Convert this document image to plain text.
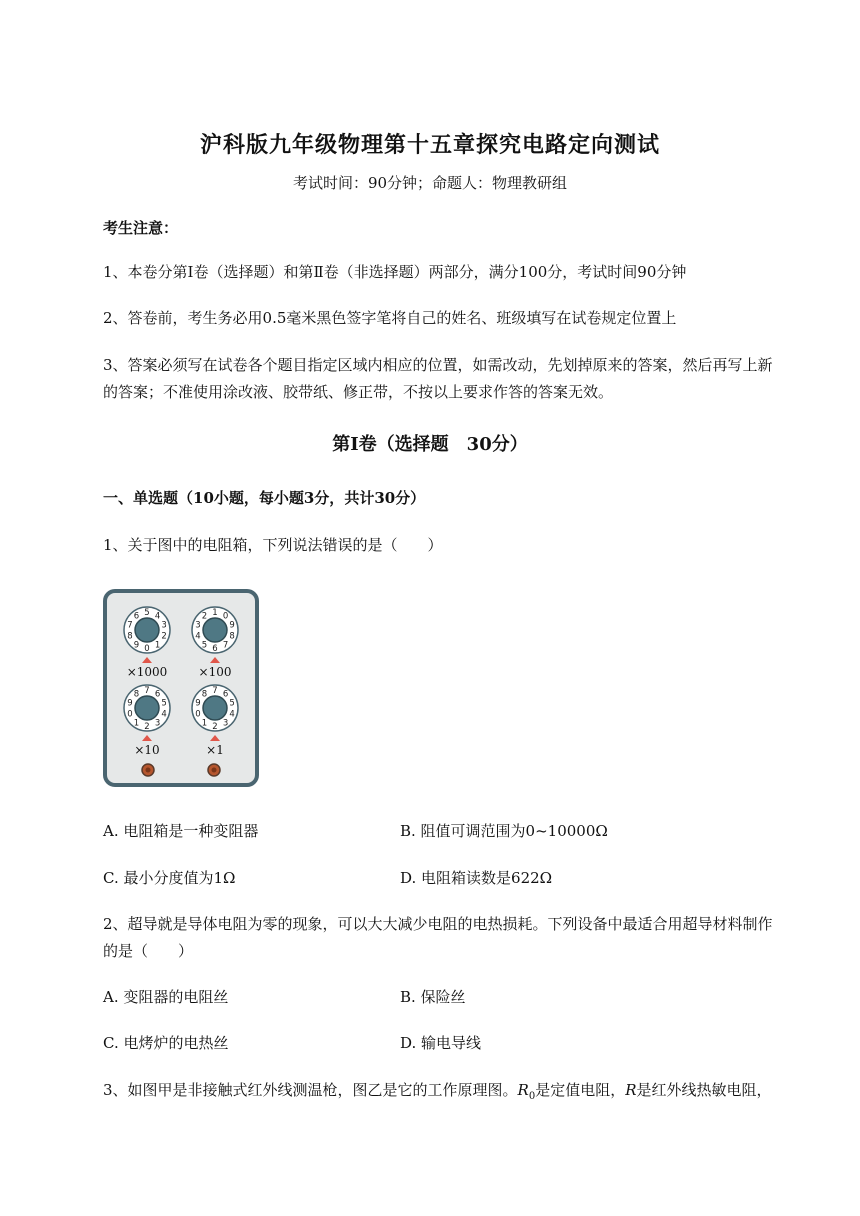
沪科版九年级物理第十五章探究电路定向测试
考试时间：90分钟；命题人：物理教研组
考生注意：
1、本卷分第Ⅰ卷（选择题）和第Ⅱ卷（非选择题）两部分，满分100分，考试时间90分钟
2、答卷前，考生务必用0.5毫米黑色签字笔将自己的姓名、班级填写在试卷规定位置上
3、答案必须写在试卷各个题目指定区域内相应的位置，如需改动，先划掉原来的答案，然后再写上新
的答案；不准使用涂改液、胶带纸、修正带，不按以上要求作答的答案无效。
第Ⅰ卷（选择题　30分）
一、单选题（10小题，每小题3分，共计30分）
1、关于图中的电阻箱，下列说法错误的是（　　）
5 4
3
2
1
0
9
8
7
6
×1000
1 0
9
8
7
6
5
4
3
2
×100
7 6
5
4
3
2
1
0
9
8
×10
7 6
5
4
3
2
1
0
9
8
×1
A. 电阻箱是一种变阻器	B. 阻值可调范围为0~10000Ω
C. 最小分度值为1Ω	D. 电阻箱读数是622Ω
2、超导就是导体电阻为零的现象，可以大大减少电阻的电热损耗。下列设备中最适合用超导材料制作
的是（　　）
A. 变阻器的电阻丝	B. 保险丝
C. 电烤炉的电热丝	D. 输电导线
3、如图甲是非接触式红外线测温枪，图乙是它的工作原理图。$R_0$是定值电阻，R是红外线热敏电阻，
